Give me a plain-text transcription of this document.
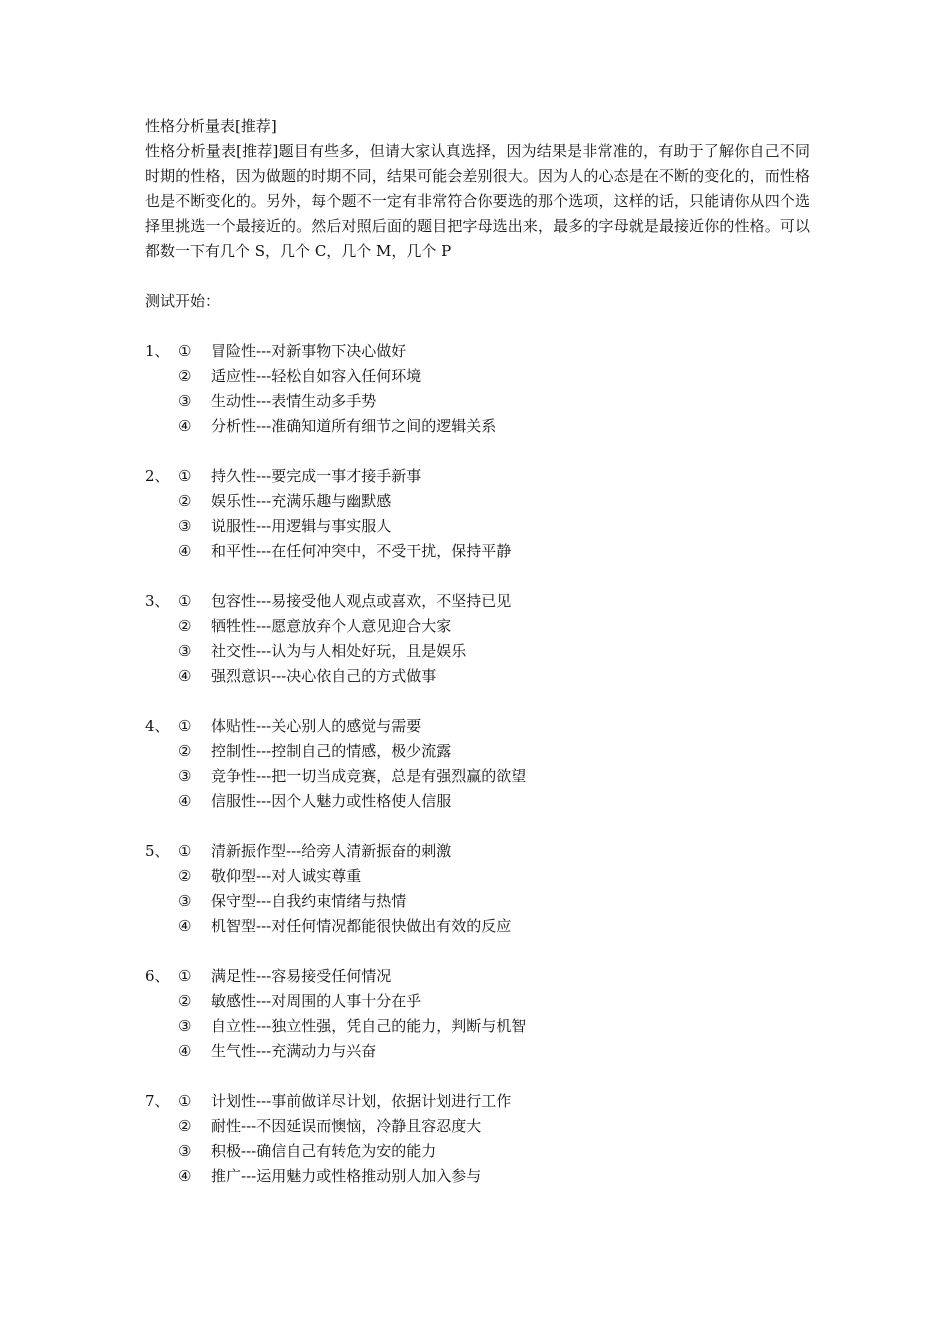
性格分析量表[推荐]

性格分析量表[推荐]题目有些多，但请大家认真选择，因为结果是非常准的，有助于了解你自己不同时期的性格，因为做题的时期不同，结果可能会差别很大。因为人的心态是在不断的变化的，而性格也是不断变化的。另外，每个题不一定有非常符合你要选的那个选项，这样的话，只能请你从四个选择里挑选一个最接近的。然后对照后面的题目把字母选出来，最多的字母就是最接近你的性格。可以都数一下有几个 S，几个 C，几个 M，几个 P

测试开始：
1、 ①	冒险性---对新事物下决心做好
②	适应性---轻松自如容入任何环境
③	生动性---表情生动多手势
④	分析性---准确知道所有细节之间的逻辑关系
2、 ①	持久性---要完成一事才接手新事
②	娱乐性---充满乐趣与幽默感
③	说服性---用逻辑与事实服人
④	和平性---在任何冲突中，不受干扰，保持平静
3、 ①	包容性---易接受他人观点或喜欢，不坚持已见
②	牺牲性---愿意放弃个人意见迎合大家
③	社交性---认为与人相处好玩，且是娱乐
④	强烈意识---决心依自己的方式做事
4、 ①	体贴性---关心别人的感觉与需要
②	控制性---控制自己的情感，极少流露
③	竞争性---把一切当成竞赛，总是有强烈赢的欲望
④	信服性---因个人魅力或性格使人信服
5、 ①	清新振作型---给旁人清新振奋的刺激
②	敬仰型---对人诚实尊重
③	保守型---自我约束情绪与热情
④	机智型---对任何情况都能很快做出有效的反应
6、 ①	满足性---容易接受任何情况
②	敏感性---对周围的人事十分在乎
③	自立性---独立性强，凭自己的能力，判断与机智
④	生气性---充满动力与兴奋
7、 ①	计划性---事前做详尽计划，依据计划进行工作
②	耐性---不因延误而懊恼，冷静且容忍度大
③	积极---确信自己有转危为安的能力
④	推广---运用魅力或性格推动别人加入参与
